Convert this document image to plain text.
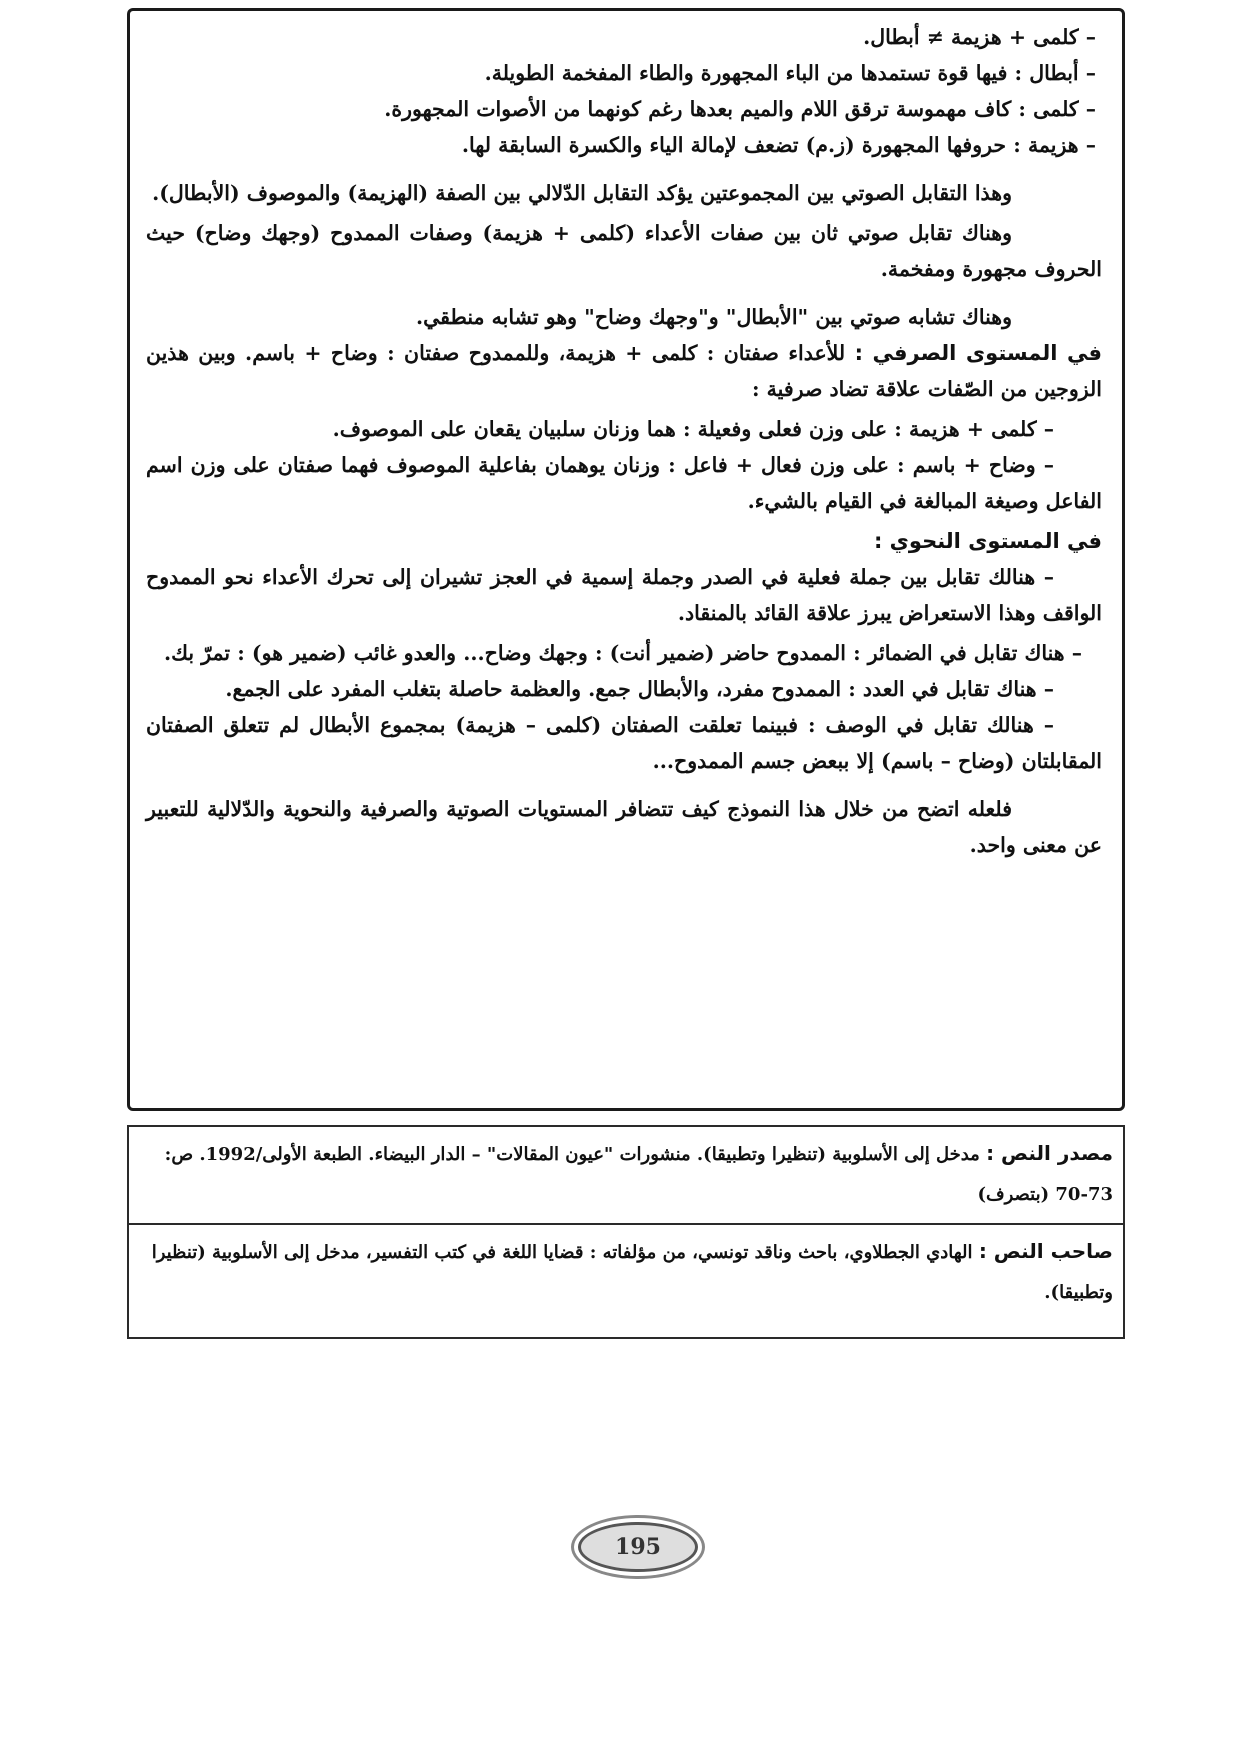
– كلمى + هزيمة ≠ أبطال.

– أبطال : فيها قوة تستمدها من الباء المجهورة والطاء المفخمة الطويلة.

– كلمى : كاف مهموسة ترقق اللام والميم بعدها رغم كونهما من الأصوات المجهورة.

– هزيمة : حروفها المجهورة (ز.م) تضعف لإمالة الياء والكسرة السابقة لها.

وهذا التقابل الصوتي بين المجموعتين يؤكد التقابل الدّلالي بين الصفة (الهزيمة) والموصوف (الأبطال).

وهناك تقابل صوتي ثان بين صفات الأعداء (كلمى + هزيمة) وصفات الممدوح (وجهك وضاح) حيث الحروف مجهورة ومفخمة.

وهناك تشابه صوتي بين "الأبطال" و"وجهك وضاح" وهو تشابه منطقي.

في المستوى الصرفي : للأعداء صفتان : كلمى + هزيمة، وللممدوح صفتان : وضاح + باسم. وبين هذين الزوجين من الصّفات علاقة تضاد صرفية :

– كلمى + هزيمة : على وزن فعلى وفعيلة : هما وزنان سلبيان يقعان على الموصوف.

– وضاح + باسم : على وزن فعال + فاعل : وزنان يوهمان بفاعلية الموصوف فهما صفتان على وزن اسم الفاعل وصيغة المبالغة في القيام بالشيء.

في المستوى النحوي :

– هنالك تقابل بين جملة فعلية في الصدر وجملة إسمية في العجز تشيران إلى تحرك الأعداء نحو الممدوح الواقف وهذا الاستعراض يبرز علاقة القائد بالمنقاد.

– هناك تقابل في الضمائر : الممدوح حاضر (ضمير أنت) : وجهك وضاح... والعدو غائب (ضمير هو) : تمرّ بك.

– هناك تقابل في العدد : الممدوح مفرد، والأبطال جمع. والعظمة حاصلة بتغلب المفرد على الجمع.

– هنالك تقابل في الوصف : فبينما تعلقت الصفتان (كلمى – هزيمة) بمجموع الأبطال لم تتعلق الصفتان المقابلتان (وضاح – باسم) إلا ببعض جسم الممدوح...

فلعله اتضح من خلال هذا النموذج كيف تتضافر المستويات الصوتية والصرفية والنحوية والدّلالية للتعبير عن معنى واحد.

مصدر النص : مدخل إلى الأسلوبية (تنظيرا وتطبيقا). منشورات "عيون المقالات" – الدار البيضاء. الطبعة الأولى/1992. ص: 73-70 (بتصرف)
صاحب النص : الهادي الجطلاوي، باحث وناقد تونسي، من مؤلفاته : قضايا اللغة في كتب التفسير، مدخل إلى الأسلوبية (تنظيرا وتطبيقا).
195
